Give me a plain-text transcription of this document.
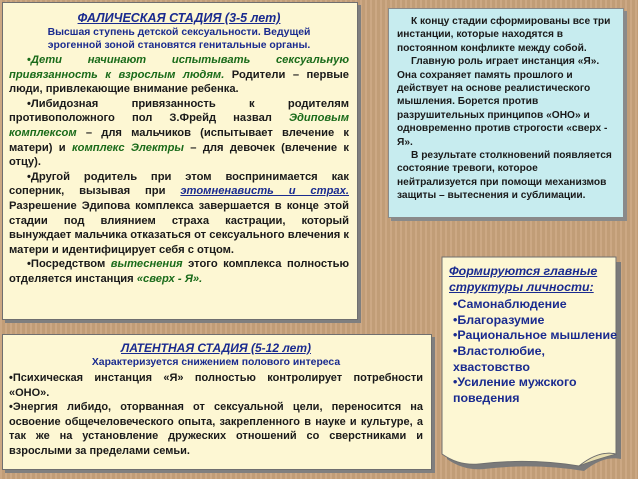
ФАЛИЧЕСКАЯ СТАДИЯ (3-5 лет)
Высшая ступень детской сексуальности. Ведущей
эрогенной зоной становятся генитальные органы.
•Дети начинают испытывать сексуальную привязанность к взрослым людям. Родители – первые люди, привлекающие внимание ребенка.
•Либидозная привязанность к родителям противоположного пол З.Фрейд назвал Эдиповым комплексом – для мальчиков (испытывает влечение к матери) и комплекс Электры – для девочек (влечение к отцу).
•Другой родитель при этом воспринимается как соперник, вызывая при этомненависть и страх. Разрешение Эдипова комплекса завершается в конце этой стадии под влиянием страха кастрации, который вынуждает мальчика отказаться от сексуального влечения к матери и идентифицирует себя с отцом.
•Посредством вытеснения этого комплекса полностью отделяется инстанция «сверх - Я».

К концу стадии сформированы все три инстанции, которые находятся в постоянном конфликте между собой.

Главную роль играет инстанция «Я». Она сохраняет память прошлого и действует на основе реалистического мышления. Борется против разрушительных принципов «ОНО» и одновременно против строгости «сверх - Я».

В результате столкновений появляется состояние тревоги, которое нейтрализуется при помощи механизмов защиты – вытеснения и сублимации.

Формируются главные структуры личности:
•Самонаблюдение
•Благоразумие
•Рациональное мышление
•Властолюбие, хвастовство
•Усиление мужского поведения
ЛАТЕНТНАЯ СТАДИЯ (5-12 лет)
Характеризуется снижением полового интереса
•Психическая инстанция «Я» полностью контролирует потребности «ОНО».
•Энергия либидо, оторванная от сексуальной цели, переносится на освоение общечеловеческого опыта, закрепленного в науке и культуре, а так же на установление дружеских отношений со сверстниками и взрослыми за пределами семьи.
